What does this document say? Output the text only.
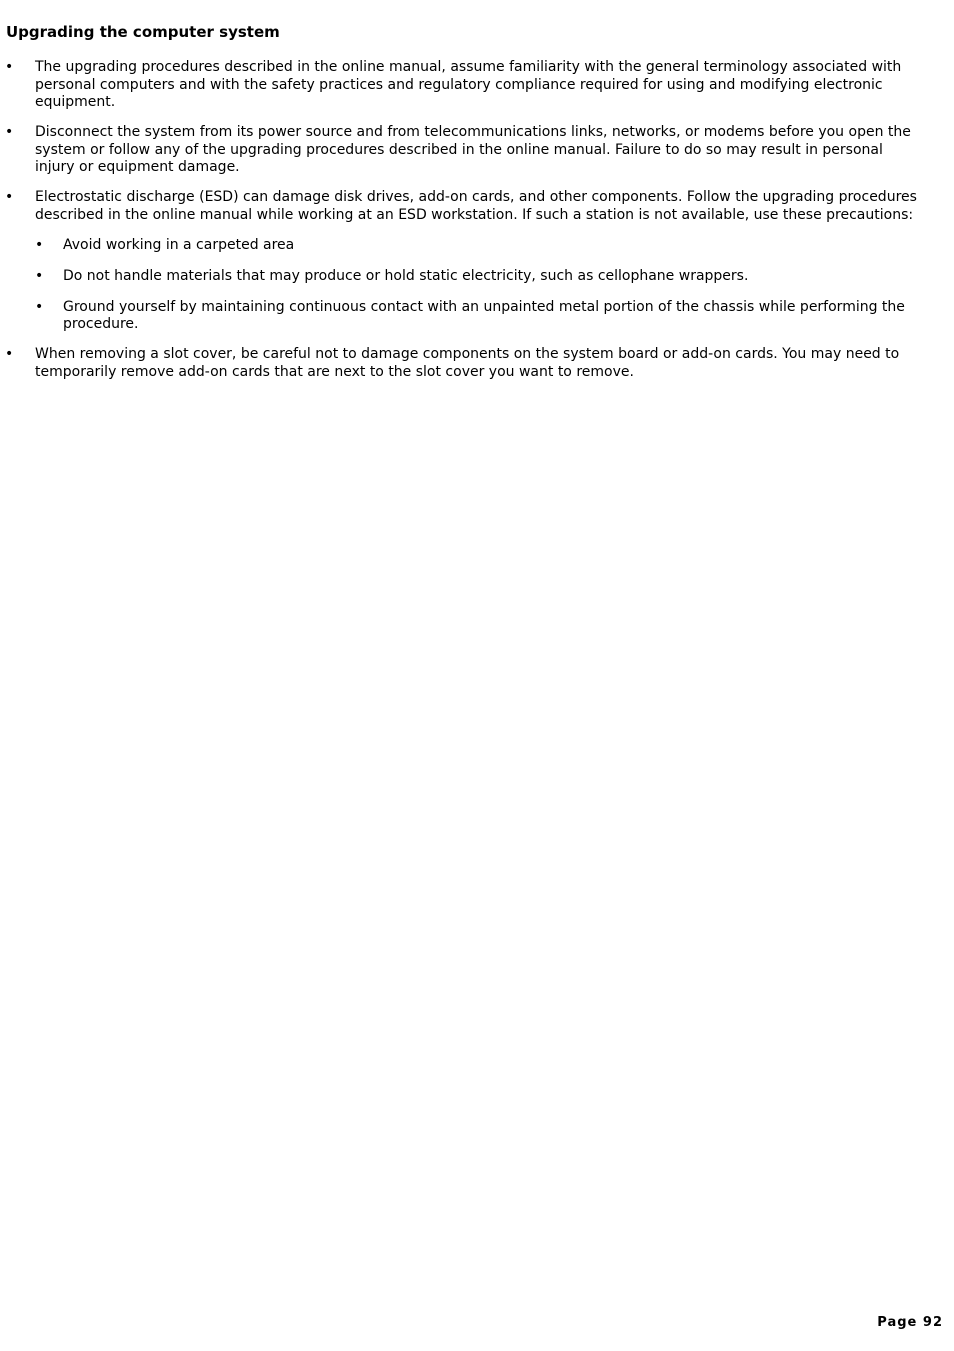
Upgrading the computer system
• The upgrading procedures described in the online manual, assume familiarity with the general terminology associated with personal computers and with the safety practices and regulatory compliance required for using and modifying electronic equipment.
• Disconnect the system from its power source and from telecommunications links, networks, or modems before you open the system or follow any of the upgrading procedures described in the online manual. Failure to do so may result in personal injury or equipment damage.
• Electrostatic discharge (ESD) can damage disk drives, add-on cards, and other components. Follow the upgrading procedures described in the online manual while working at an ESD workstation. If such a station is not available, use these precautions:
• Avoid working in a carpeted area
• Do not handle materials that may produce or hold static electricity, such as cellophane wrappers.
• Ground yourself by maintaining continuous contact with an unpainted metal portion of the chassis while performing the procedure.
• When removing a slot cover, be careful not to damage components on the system board or add-on cards. You may need to temporarily remove add-on cards that are next to the slot cover you want to remove.
Page 92
